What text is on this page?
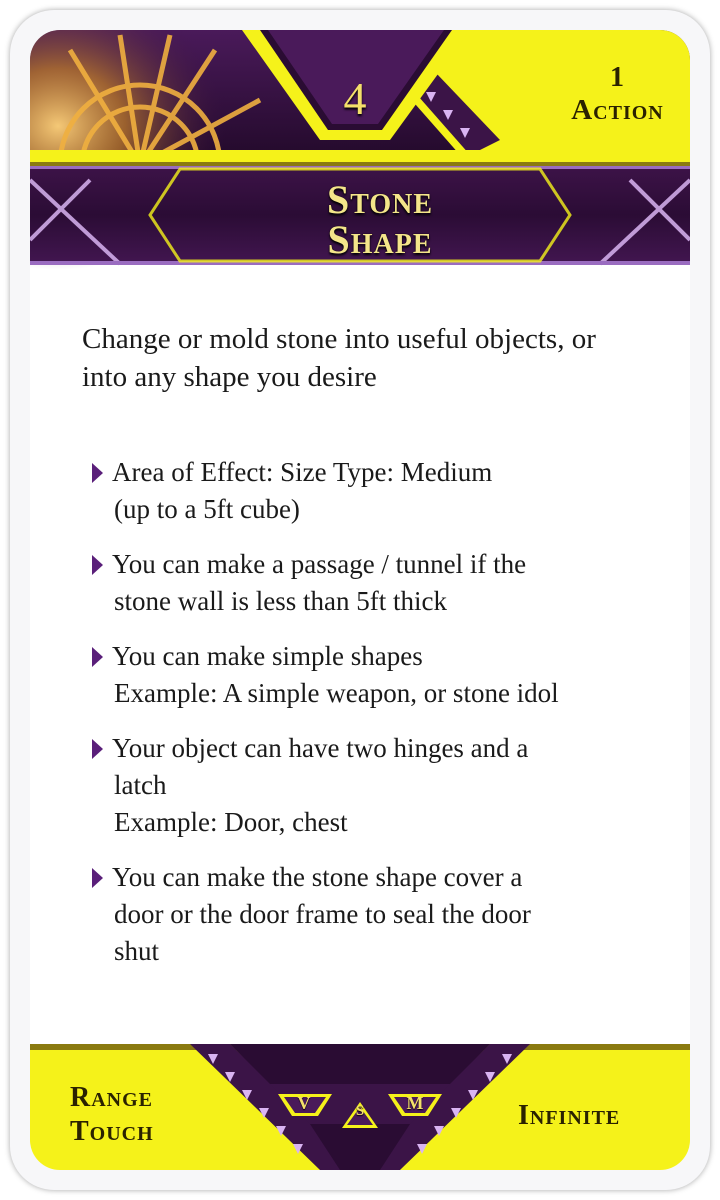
4	1
Action
Stone
Shape
Change or mold stone into useful objects, or into any shape you desire
Area of Effect: Size Type: Medium
(up to a 5ft cube)
You can make a passage / tunnel if the
stone wall is less than 5ft thick
You can make simple shapes
Example: A simple weapon, or stone idol
Your object can have two hinges and a
latch
Example: Door, chest
You can make the stone shape cover a
door or the door frame to seal the door
shut
V	S	M
Range
Touch
Infinite
